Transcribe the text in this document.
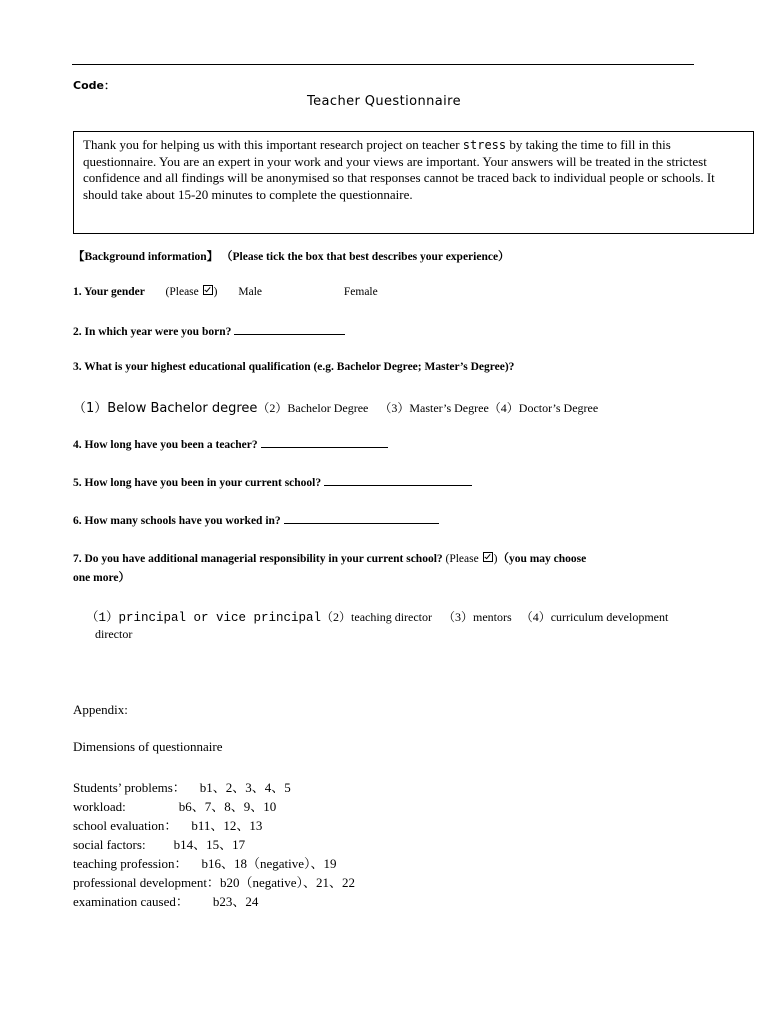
Code：
Teacher Questionnaire
Thank you for helping us with this important research project on teacher stress by taking the time to fill in this questionnaire. You are an expert in your work and your views are important. Your answers will be treated in the strictest confidence and all findings will be anonymised so that responses cannot be traced back to individual people or schools. It should take about 15-20 minutes to complete the questionnaire.
【Background information】 （Please tick the box that best describes your experience）
1. Your gender (Please ) Male	Female
2. In which year were you born?
3. What is your highest educational qualification (e.g. Bachelor Degree; Master’s Degree)?
（1）Below Bachelor degree（2）Bachelor Degree （3）Master’s Degree（4）Doctor’s Degree
4. How long have you been a teacher?
5. How long have you been in your current school?
6. How many schools have you worked in?
7. Do you have additional managerial responsibility in your current school? (Please )（you may choose
one more）
（1）principal or vice principal（2）teaching director （3）mentors （4）curriculum development
director
Appendix:
Dimensions of questionnaire
Students’ problems： b1、2、3、4、5
workload:	b6、7、8、9、10
school evaluation： b11、12、13
social factors: b14、15、17
teaching profession： b16、18（negative）、19
professional development：b20（negative）、21、22
examination caused： b23、24
